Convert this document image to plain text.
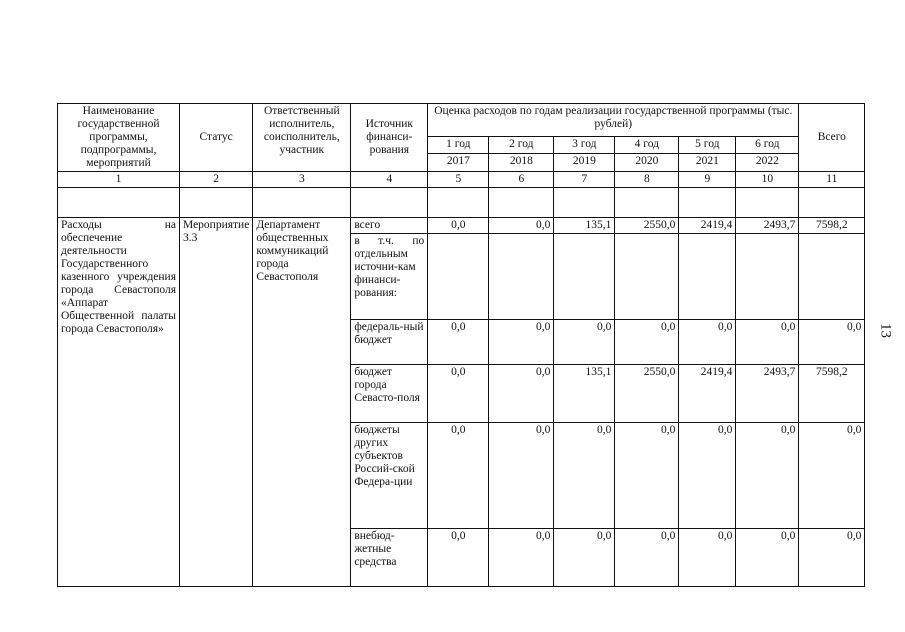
13
Наименование государственной программы, подпрограммы, мероприятий	Статус	Ответственный исполнитель, соисполнитель, участник	Источник финанси-рования	Оценка расходов по годам реализации государственной программы (тыс. рублей)						Всего
				1 год	2 год	3 год	4 год	5 год	6 год	
				2017	2018	2019	2020	2021	2022	
1	2	3	4	5	6	7	8	9	10	11

Расходы на обеспечение деятельности Государственного казенного учреждения города Севастополя «Аппарат Общественной палаты города Севастополя»	Мероприятие 3.3	Департамент общественных коммуникаций города Севастополя	всего	0,0	0,0	135,1	2550,0	2419,4	2493,7	7598,2
			в т.ч. по отдельным источни-кам финанси-рования:							
			федераль-ный бюджет	0,0	0,0	0,0	0,0	0,0	0,0	0,0
			бюджет города Севасто-поля	0,0	0,0	135,1	2550,0	2419,4	2493,7	7598,2
			бюджеты других субъектов Россий-ской Федера-ции	0,0	0,0	0,0	0,0	0,0	0,0	0,0
			внебюд-жетные средства	0,0	0,0	0,0	0,0	0,0	0,0	0,0
